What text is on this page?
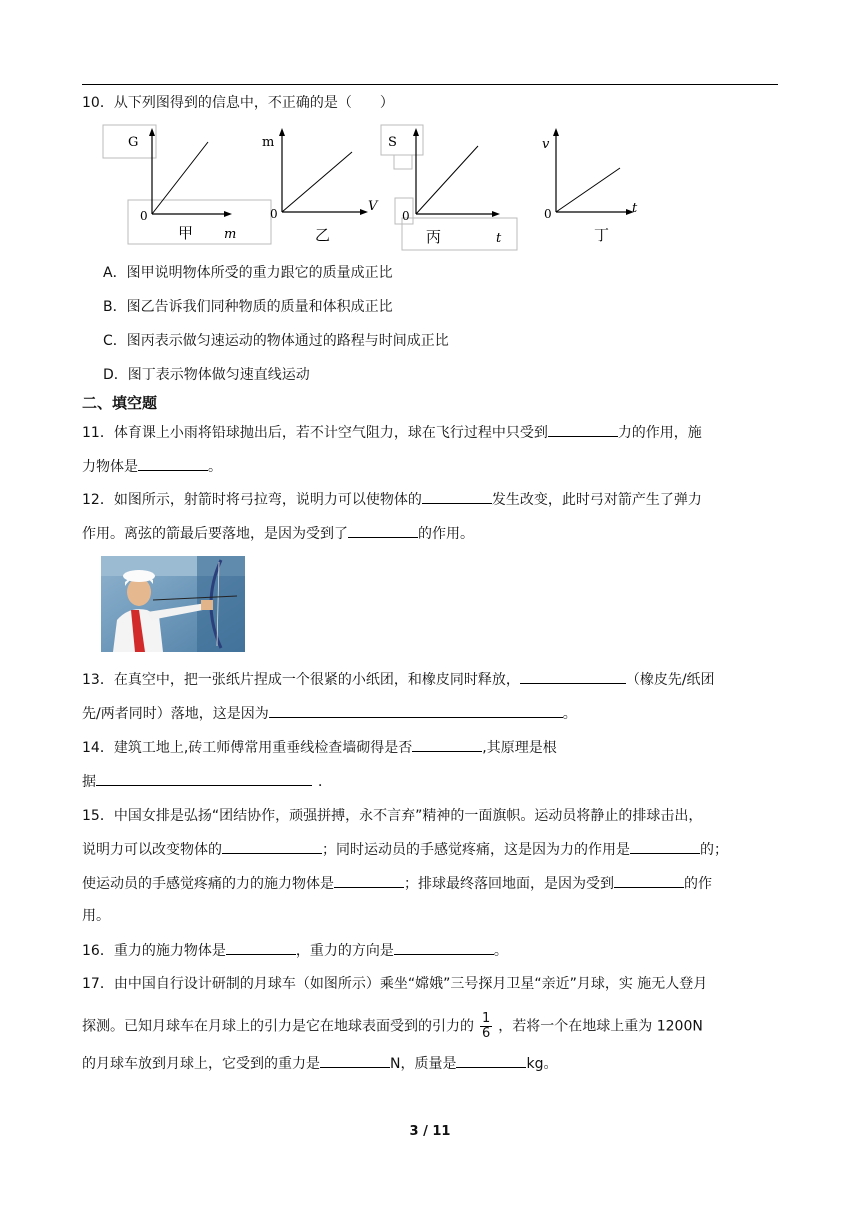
10．从下列图得到的信息中，不正确的是（　　）
G
0
甲 m
m
0	V
乙
S
0
丙	t
v
0	t
丁
A．图甲说明物体所受的重力跟它的质量成正比
B．图乙告诉我们同种物质的质量和体积成正比
C．图丙表示做匀速运动的物体通过的路程与时间成正比
D．图丁表示物体做匀速直线运动
二、填空题
11．体育课上小雨将铅球抛出后，若不计空气阻力，球在飞行过程中只受到	力的作用，施
力物体是	。
12．如图所示，射箭时将弓拉弯，说明力可以使物体的	发生改变，此时弓对箭产生了弹力
作用。离弦的箭最后要落地，是因为受到了	的作用。
13．在真空中，把一张纸片捏成一个很紧的小纸团，和橡皮同时释放，	（橡皮先/纸团
先/两者同时）落地，这是因为	。
14．建筑工地上,砖工师傅常用重垂线检查墙砌得是否	,其原理是根
据	．
15．中国女排是弘扬“团结协作，顽强拼搏，永不言弃”精神的一面旗帜。运动员将静止的排球击出，
说明力可以改变物体的	；同时运动员的手感觉疼痛，这是因为力的作用是	的；
使运动员的手感觉疼痛的力的施力物体是	；排球最终落回地面，是因为受到	的作
用。
16．重力的施力物体是	，重力的方向是	。
17．由中国自行设计研制的月球车（如图所示）乘坐“嫦娥”三号探月卫星“亲近”月球，实 施无人登月
探测。已知月球车在月球上的引力是它在地球表面受到的引力的 $\frac{1}{6}$ ，若将一个在地球上重为 1200N
的月球车放到月球上，它受到的重力是	N，质量是	kg。
3 / 11
